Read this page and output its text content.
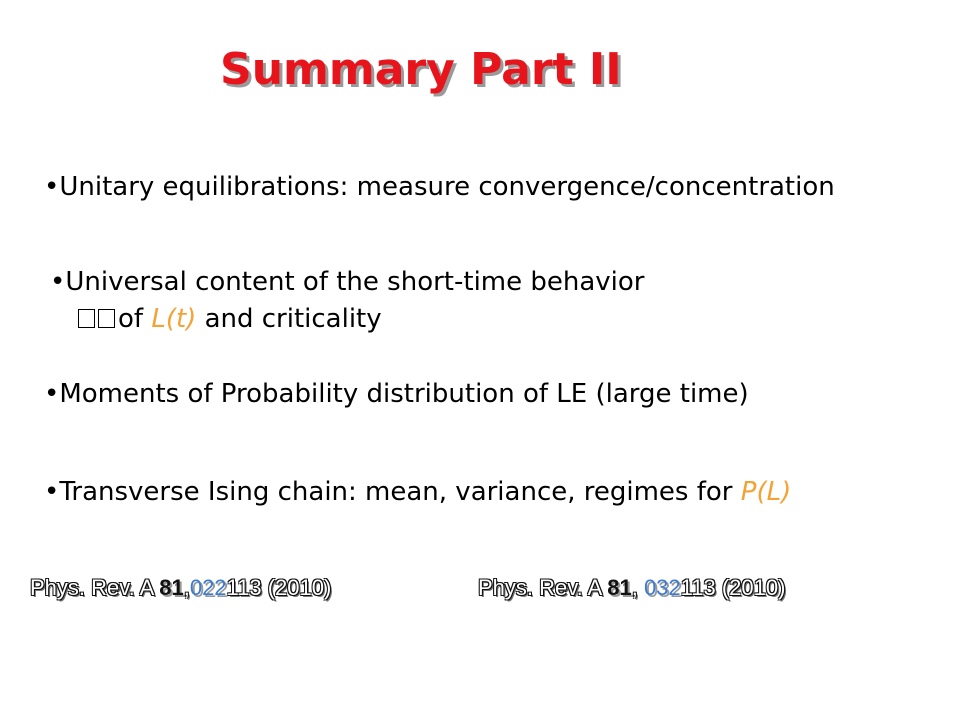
Summary Part II
•Unitary equilibrations: measure convergence/concentration
•Universal content of the short-time behavior
of L(t) and criticality
•Moments of Probability distribution of LE (large time)
•Transverse Ising chain: mean, variance, regimes for P(L)
Phys. Rev. A 81,022113 (2010)	Phys. Rev. A 81, 032113 (2010)
